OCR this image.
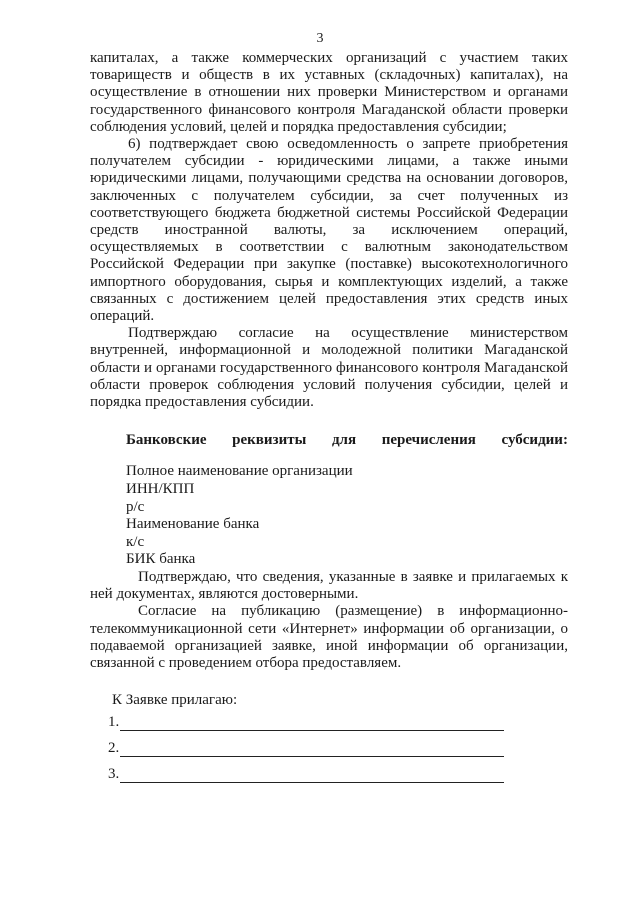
3

капиталах, а также коммерческих организаций с участием таких товариществ и обществ в их уставных (складочных) капиталах), на осуществление в отношении них проверки Министерством и органами государственного финансового контроля Магаданской области проверки соблюдения условий, целей и порядка предоставления субсидии;

6) подтверждает свою осведомленность о запрете приобретения получателем субсидии - юридическими лицами, а также иными юридическими лицами, получающими средства на основании договоров, заключенных с получателем субсидии, за счет полученных из соответствующего бюджета бюджетной системы Российской Федерации средств иностранной валюты, за исключением операций, осуществляемых в соответствии с валютным законодательством Российской Федерации при закупке (поставке) высокотехнологичного импортного оборудования, сырья и комплектующих изделий, а также связанных с достижением целей предоставления этих средств иных операций.

Подтверждаю согласие на осуществление министерством внутренней, информационной и молодежной политики Магаданской области и органами государственного финансового контроля Магаданской области проверок соблюдения условий получения субсидии, целей и порядка предоставления субсидии.

Банковские реквизиты для перечисления субсидии:
Полное наименование организации
ИНН/КПП
р/с
Наименование банка
к/с
БИК банка

Подтверждаю, что сведения, указанные в заявке и прилагаемых к ней документах, являются достоверными.

Согласие на публикацию (размещение) в информационно-телекоммуникационной сети «Интернет» информации об организации, о подаваемой организацией заявке, иной информации об организации, связанной с проведением отбора предоставляем.

К Заявке прилагаю:
1.
2.
3.
